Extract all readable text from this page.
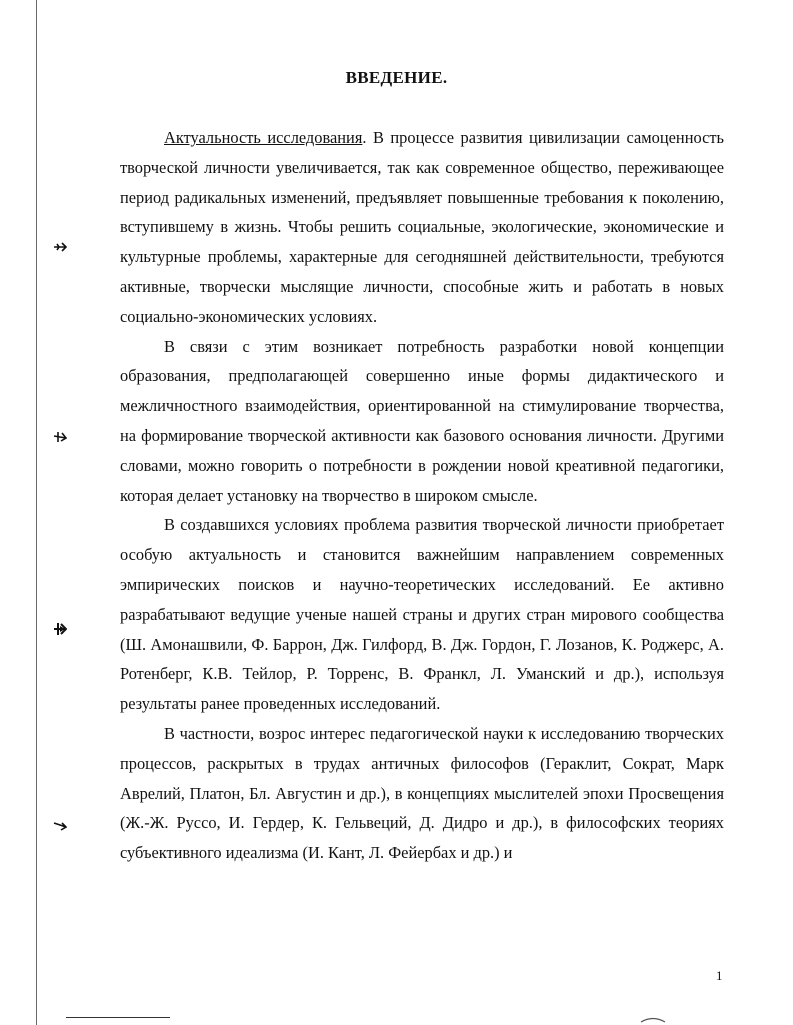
ВВЕДЕНИЕ.

Актуальность исследования. В процессе развития цивилизации самоценность творческой личности увеличивается, так как современное общество, переживающее период радикальных изменений, предъявляет повышенные требования к поколению, вступившему в жизнь. Чтобы решить социальные, экологические, экономические и культурные проблемы, характерные для сегодняшней действительности, требуются активные, творчески мыслящие личности, способные жить и работать в новых социально-экономических условиях.

В связи с этим возникает потребность разработки новой концепции образования, предполагающей совершенно иные формы дидактического и межличностного взаимодействия, ориентированной на стимулирование творчества, на формирование творческой активности как базового основания личности. Другими словами, можно говорить о потребности в рождении новой креативной педагогики, которая делает установку на творчество в широком смысле.

В создавшихся условиях проблема развития творческой личности приобретает особую актуальность и становится важнейшим направлением современных эмпирических поисков и научно-теоретических исследований. Ее активно разрабатывают ведущие ученые нашей страны и других стран мирового сообщества (Ш. Амонашвили, Ф. Баррон, Дж. Гилфорд, В. Дж. Гордон, Г. Лозанов, К. Роджерс, А. Ротенберг, К.В. Тейлор, Р. Торренс, В. Франкл, Л. Уманский и др.), используя результаты ранее проведенных исследований.

В частности, возрос интерес педагогической науки к исследованию творческих процессов, раскрытых в трудах античных философов (Гераклит, Сократ, Марк Аврелий, Платон, Бл. Августин и др.), в концепциях мыслителей эпохи Просвещения (Ж.-Ж. Руссо, И. Гердер, К. Гельвеций, Д. Дидро и др.), в философских теориях субъективного идеализма (И. Кант, Л. Фейербах и др.) и

1
